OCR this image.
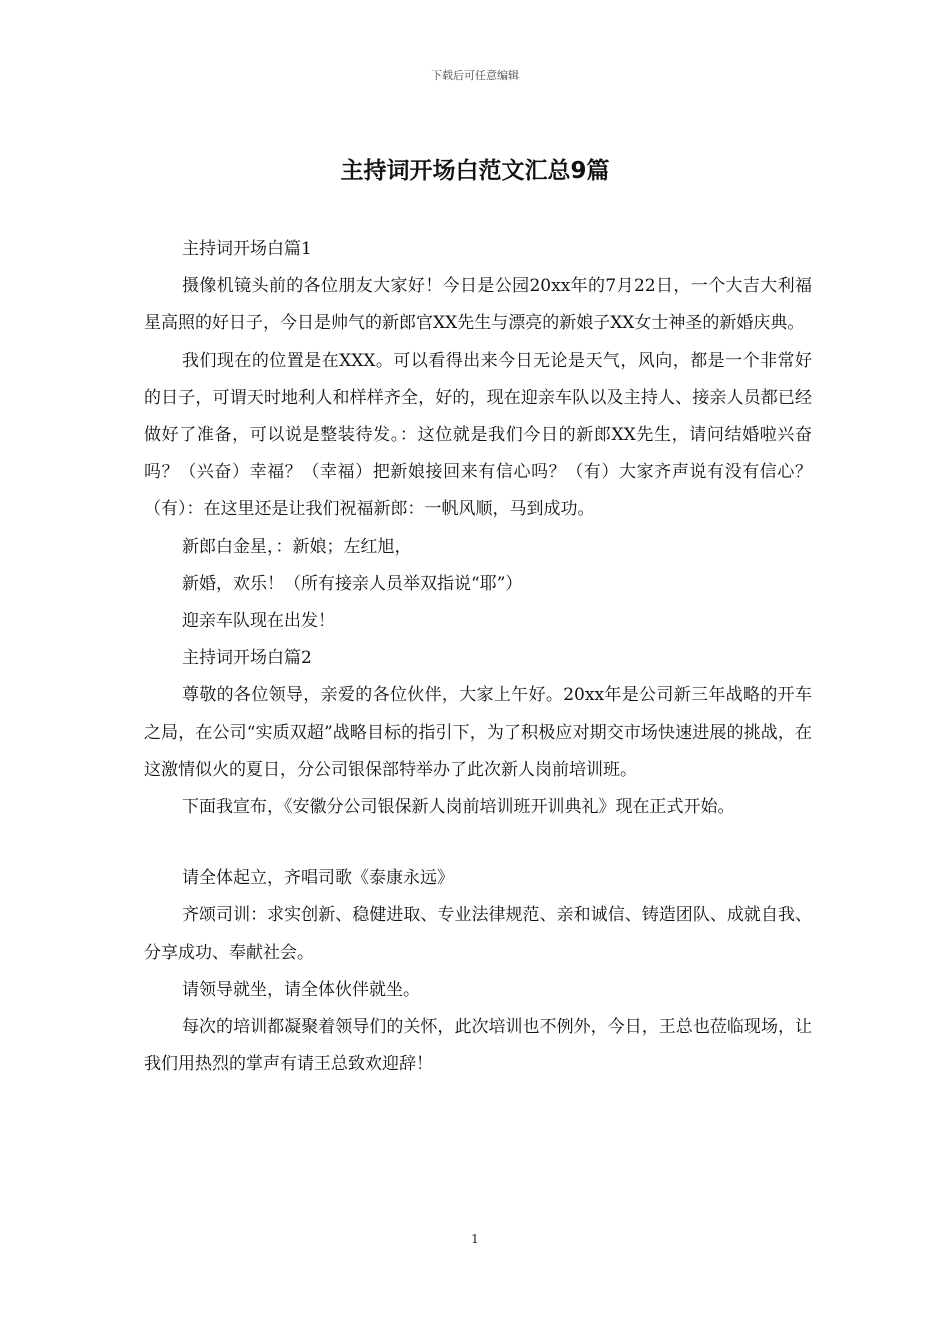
下载后可任意编辑
主持词开场白范文汇总9篇

主持词开场白篇1

摄像机镜头前的各位朋友大家好！今日是公园20xx年的7月22日，一个大吉大利福星高照的好日子，今日是帅气的新郎官XX先生与漂亮的新娘子XX女士神圣的新婚庆典。

我们现在的位置是在XXX。可以看得出来今日无论是天气，风向，都是一个非常好的日子，可谓天时地利人和样样齐全，好的，现在迎亲车队以及主持人、接亲人员都已经做好了准备，可以说是整装待发。：这位就是我们今日的新郎XX先生，请问结婚啦兴奋吗？（兴奋）幸福？（幸福）把新娘接回来有信心吗？（有）大家齐声说有没有信心？（有）：在这里还是让我们祝福新郎：一帆风顺，马到成功。

新郎白金星，：新娘；左红旭，

新婚，欢乐！（所有接亲人员举双指说“耶”）

迎亲车队现在出发！

主持词开场白篇2

尊敬的各位领导，亲爱的各位伙伴，大家上午好。20xx年是公司新三年战略的开车之局，在公司“实质双超”战略目标的指引下，为了积极应对期交市场快速进展的挑战，在这激情似火的夏日，分公司银保部特举办了此次新人岗前培训班。

下面我宣布，《安徽分公司银保新人岗前培训班开训典礼》现在正式开始。

请全体起立，齐唱司歌《泰康永远》

齐颂司训：求实创新、稳健进取、专业法律规范、亲和诚信、铸造团队、成就自我、分享成功、奉献社会。

请领导就坐，请全体伙伴就坐。

每次的培训都凝聚着领导们的关怀，此次培训也不例外，今日，王总也莅临现场，让我们用热烈的掌声有请王总致欢迎辞！

1
